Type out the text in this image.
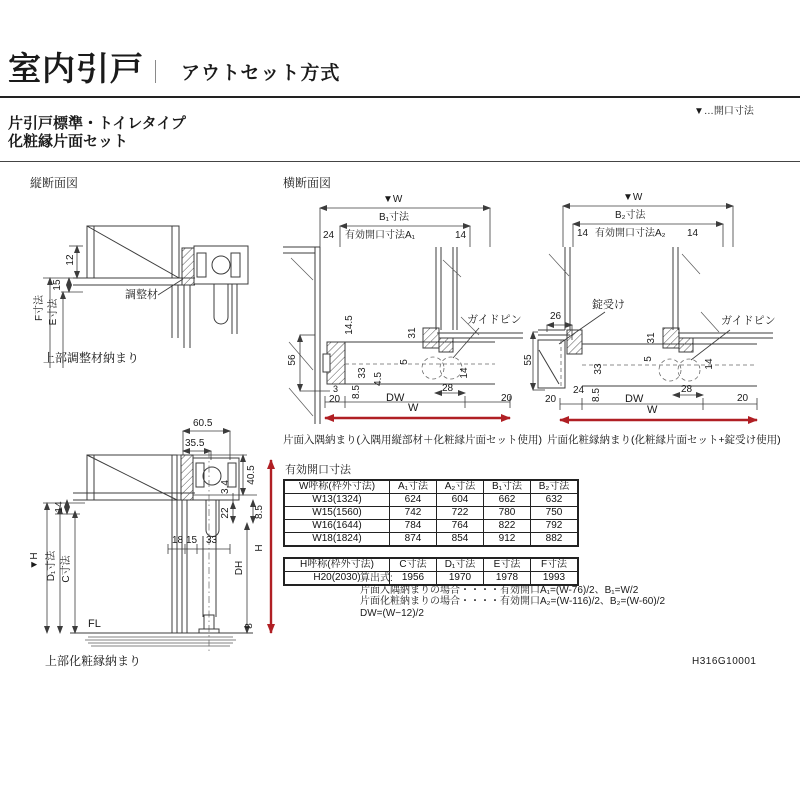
室内引戸 アウトセット方式
▼…開口寸法
片引戸標準・トイレタイプ
化粧縁片面セット
縦断面図	横断面図
12
15
F寸法 E寸法
調整材
上部調整材納まり
▼W
B₁寸法
24 有効開口寸法A₁	14
ガイドピン
14.5	31
56
33 4.5
5
14
8.5
3
20
28
DW	20
W
片面入隅納まり(入隅用縦部材＋化粧縁片面セット使用)
▼W
B₂寸法
14 有効開口寸法A₂ 14
錠受け
ガイドピン
26
55
31
5
33	14
8.5
24	28
20	DW	20
W
片面化粧縁納まり(化粧縁片面セット+錠受け使用)
60.5
35.5
40.5
3.4
22 8.5
14
▼H D₁寸法 C寸法	DH
H
18 15 33
FL	8
上部化粧縁納まり
有効開口寸法
W呼称(枠外寸法)	A₁寸法	A₂寸法	B₁寸法	B₂寸法
W13(1324)	624	604	662	632
W15(1560)	742	722	780	750
W16(1644)	784	764	822	792
W18(1824)	874	854	912	882
H呼称(枠外寸法)	C寸法	D₁寸法	E寸法	F寸法
H20(2030)	1956	1970	1978	1993
算出式:
片面入隅納まりの場合・・・・有効開口A₁=(W-76)/2、B₁=W/2
片面化粧納まりの場合・・・・有効開口A₂=(W-116)/2、B₂=(W-60)/2
DW=(W−12)/2
H316G10001
